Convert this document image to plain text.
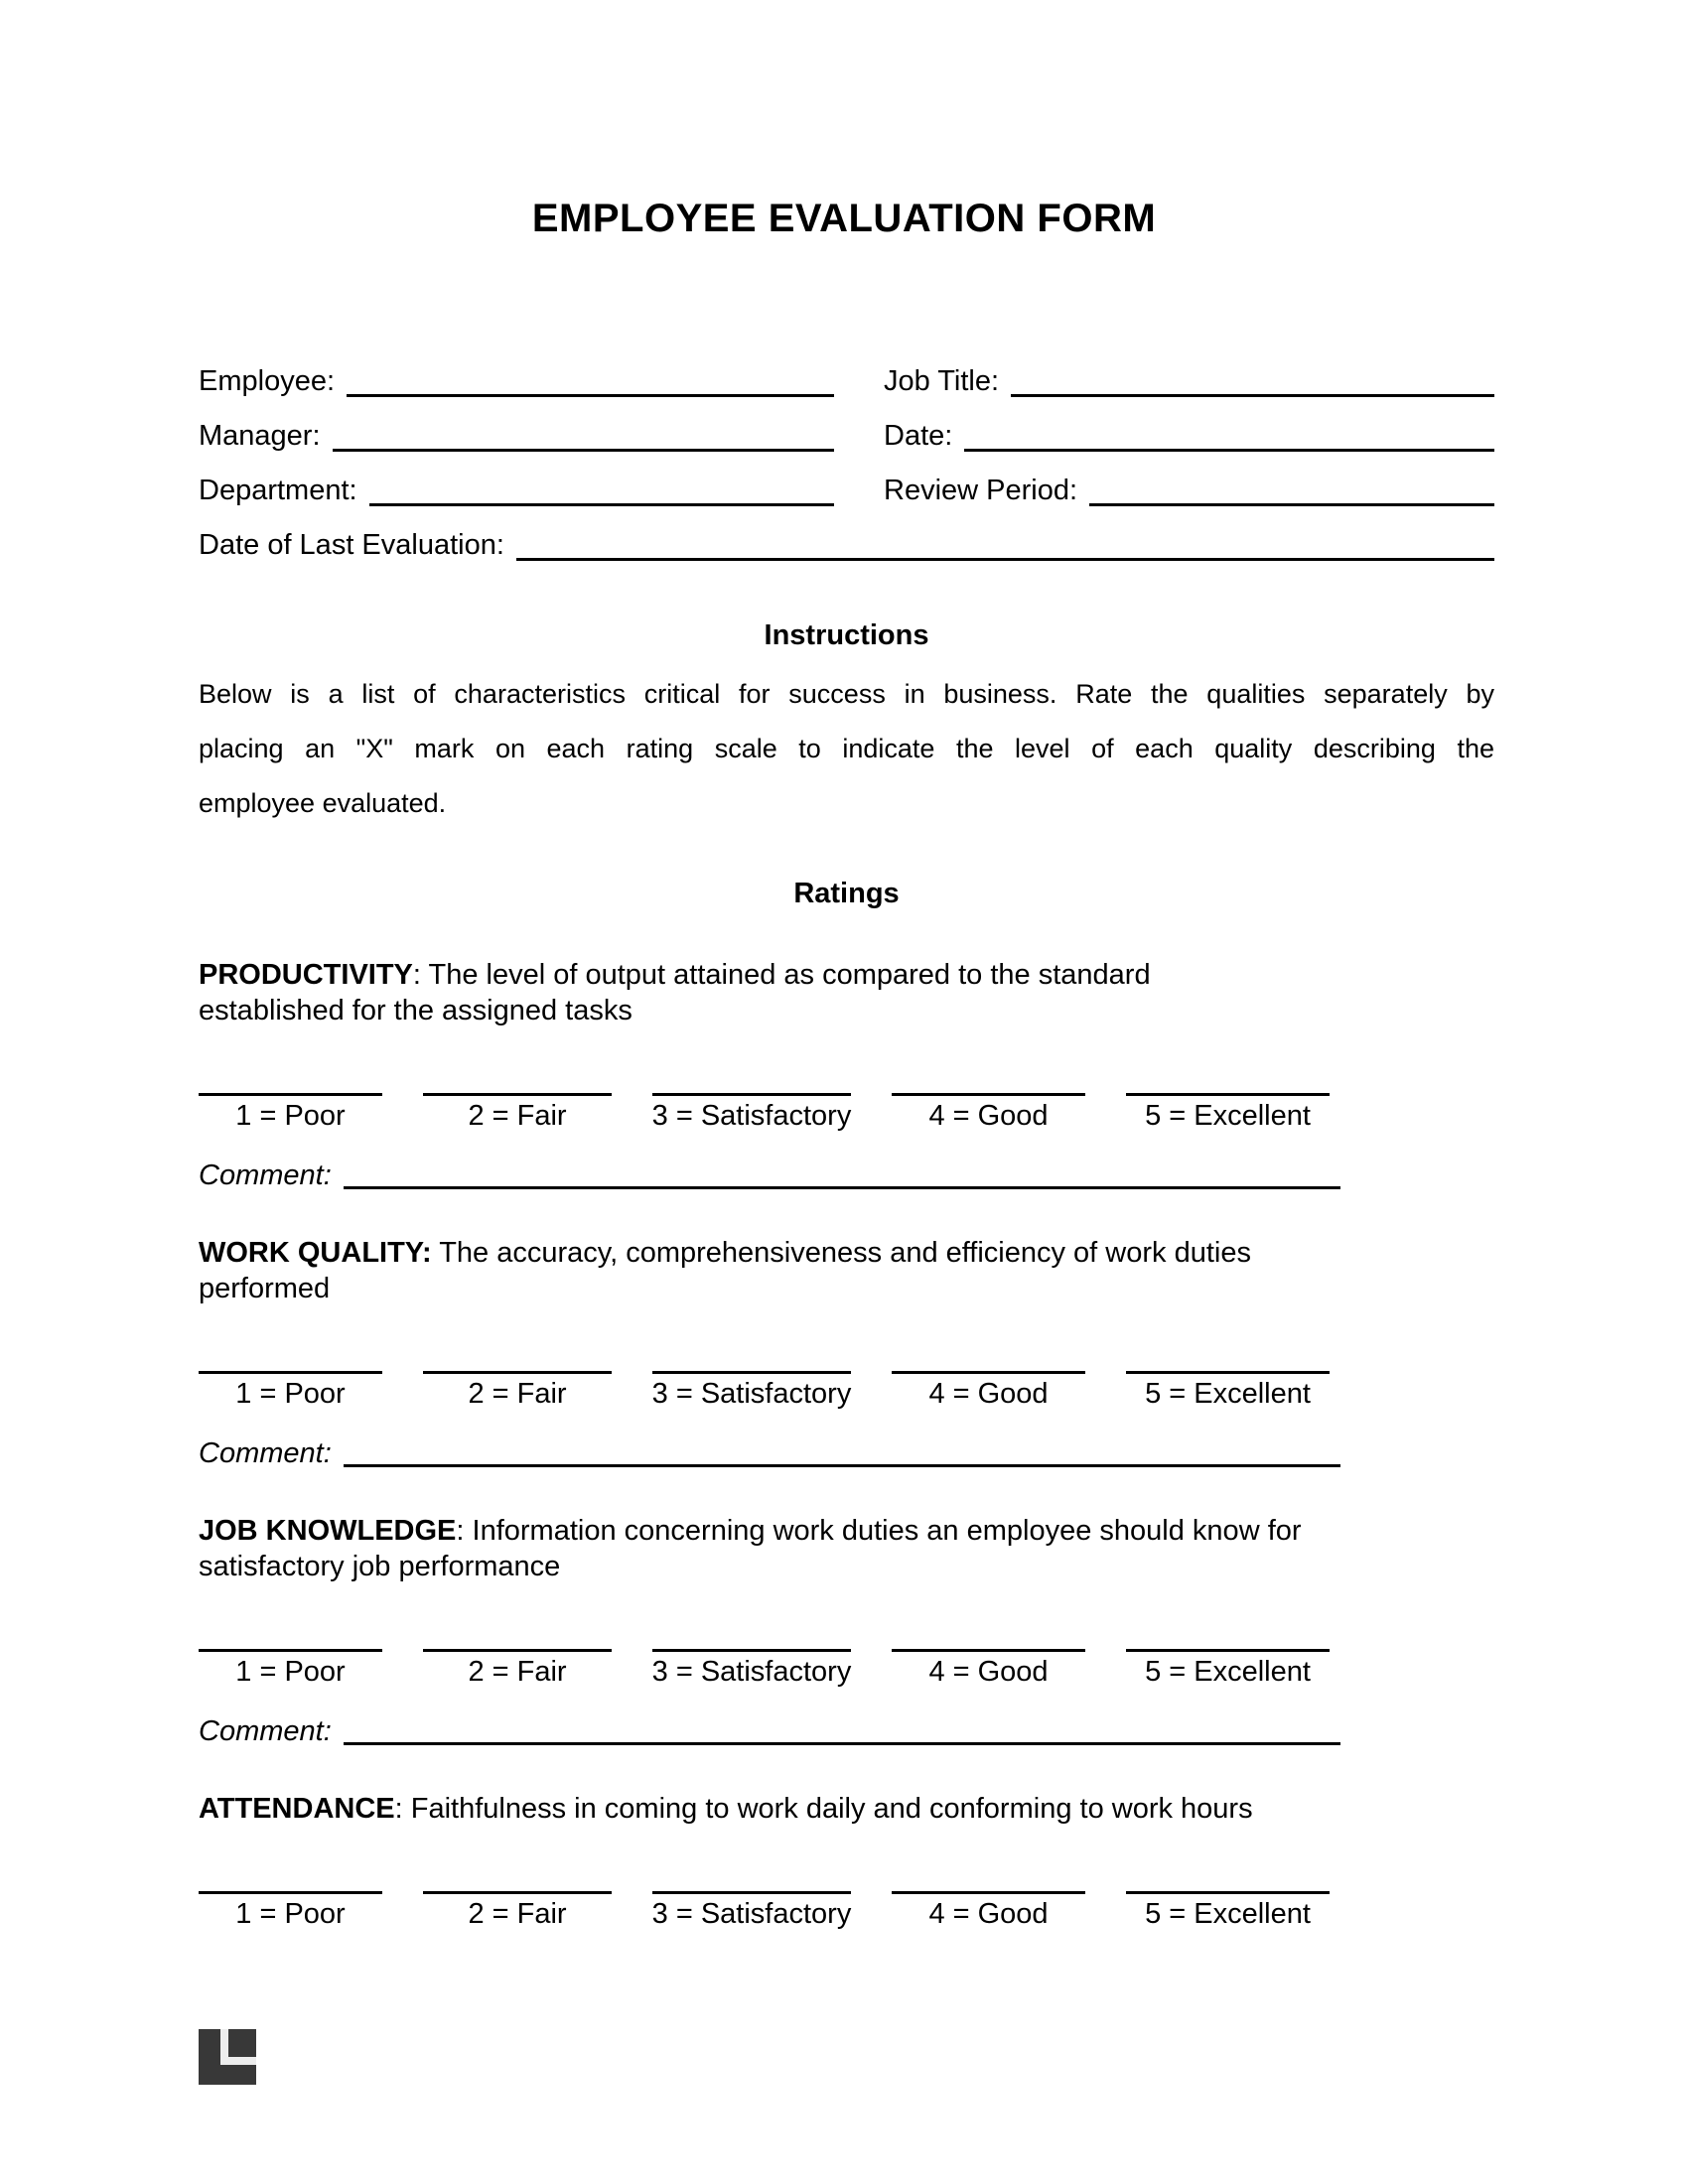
EMPLOYEE EVALUATION FORM
Employee:	Job Title:
Manager:	Date:
Department:	Review Period:
Date of Last Evaluation:
Instructions
Below is a list of characteristics critical for success in business. Rate the qualities separately by
placing an "X" mark on each rating scale to indicate the level of each quality describing the
employee evaluated.
Ratings
PRODUCTIVITY: The level of output attained as compared to the standard
established for the assigned tasks
1 = Poor	2 = Fair	3 = Satisfactory	4 = Good	5 = Excellent
Comment:
WORK QUALITY: The accuracy, comprehensiveness and efficiency of work duties
performed
1 = Poor	2 = Fair	3 = Satisfactory	4 = Good	5 = Excellent
Comment:
JOB KNOWLEDGE: Information concerning work duties an employee should know for
satisfactory job performance
1 = Poor	2 = Fair	3 = Satisfactory	4 = Good	5 = Excellent
Comment:
ATTENDANCE: Faithfulness in coming to work daily and conforming to work hours
1 = Poor	2 = Fair	3 = Satisfactory	4 = Good	5 = Excellent
